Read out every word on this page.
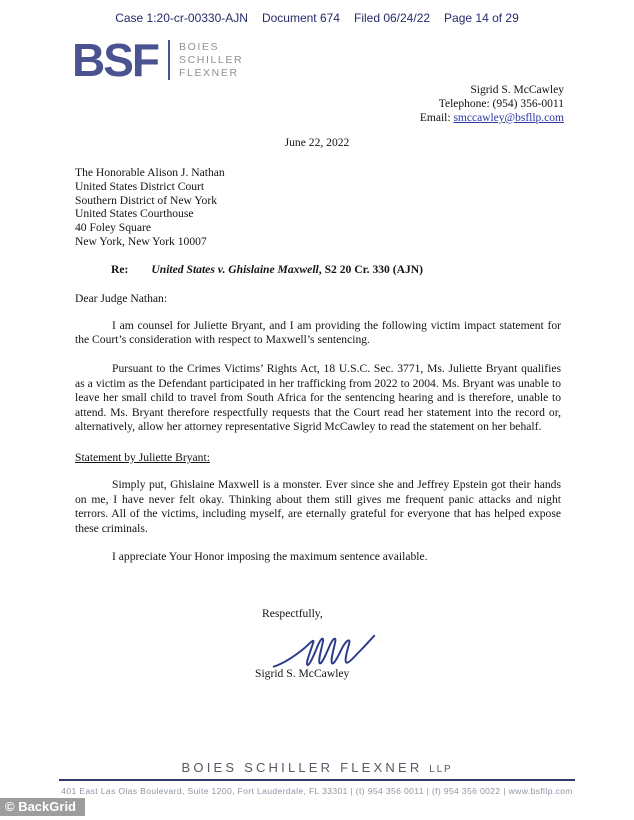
Case 1:20-cr-00330-AJN Document 674 Filed 06/24/22 Page 14 of 29
BSF BOIES
SCHILLER
FLEXNER
Sigrid S. McCawley
Telephone: (954) 356-0011
Email: smccawley@bsfllp.com
June 22, 2022
The Honorable Alison J. Nathan
United States District Court
Southern District of New York
United States Courthouse
40 Foley Square
New York, New York 10007
Re: United States v. Ghislaine Maxwell, S2 20 Cr. 330 (AJN)
Dear Judge Nathan:

I am counsel for Juliette Bryant, and I am providing the following victim impact statement for the Court’s consideration with respect to Maxwell’s sentencing.

Pursuant to the Crimes Victims’ Rights Act, 18 U.S.C. Sec. 3771, Ms. Juliette Bryant qualifies as a victim as the Defendant participated in her trafficking from 2022 to 2004. Ms. Bryant was unable to leave her small child to travel from South Africa for the sentencing hearing and is therefore, unable to attend. Ms. Bryant therefore respectfully requests that the Court read her statement into the record or, alternatively, allow her attorney representative Sigrid McCawley to read the statement on her behalf.

Statement by Juliette Bryant:

Simply put, Ghislaine Maxwell is a monster. Ever since she and Jeffrey Epstein got their hands on me, I have never felt okay. Thinking about them still gives me frequent panic attacks and night terrors. All of the victims, including myself, are eternally grateful for everyone that has helped expose these criminals.

I appreciate Your Honor imposing the maximum sentence available.

Respectfully,
Sigrid S. McCawley
BOIES SCHILLER FLEXNER LLP
401 East Las Olas Boulevard, Suite 1200, Fort Lauderdale, FL 33301 | (t) 954 356 0011 | (f) 954 356 0022 | www.bsfllp.com
© BackGrid
